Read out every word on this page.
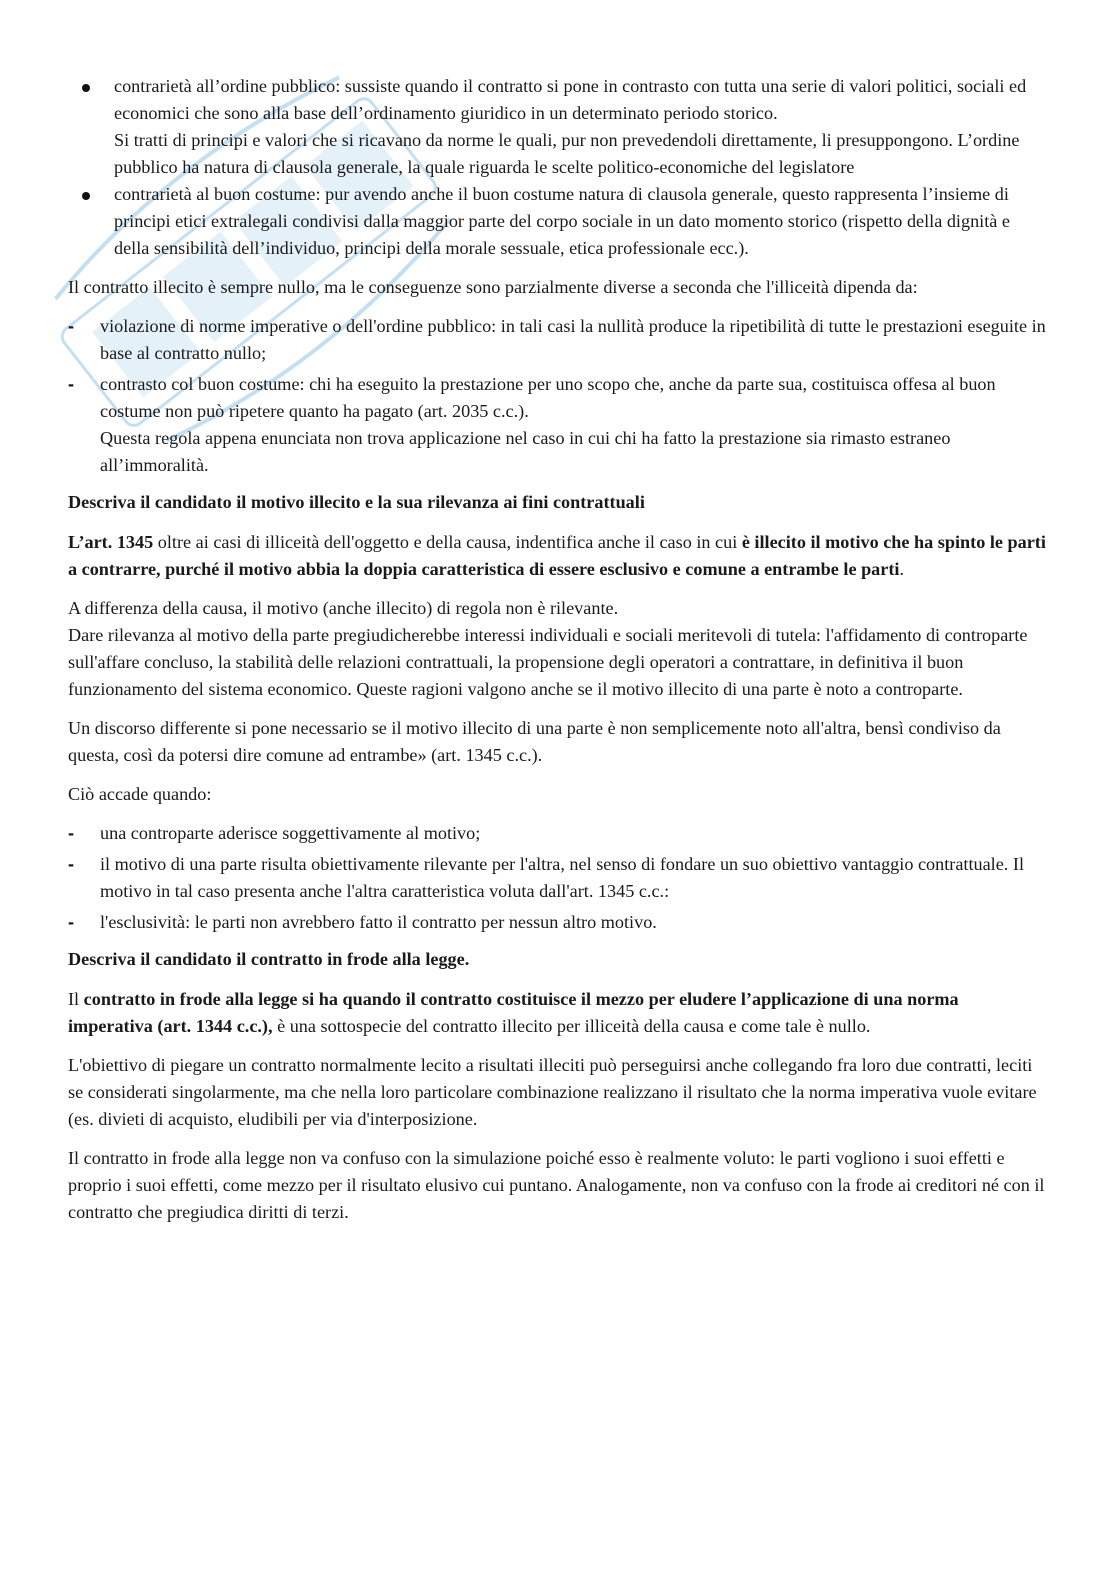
contrarietà all’ordine pubblico: sussiste quando il contratto si pone in contrasto con tutta una serie di valori politici, sociali ed economici che sono alla base dell’ordinamento giuridico in un determinato periodo storico.
Si tratti di principi e valori che si ricavano da norme le quali, pur non prevedendoli direttamente, li presuppongono. L’ordine pubblico ha natura di clausola generale, la quale riguarda le scelte politico-economiche del legislatore
contrarietà al buon costume: pur avendo anche il buon costume natura di clausola generale, questo rappresenta l’insieme di principi etici extralegali condivisi dalla maggior parte del corpo sociale in un dato momento storico (rispetto della dignità e della sensibilità dell’individuo, principi della morale sessuale, etica professionale ecc.).

Il contratto illecito è sempre nullo, ma le conseguenze sono parzialmente diverse a seconda che l'illiceità dipenda da:

- violazione di norme imperative o dell'ordine pubblico: in tali casi la nullità produce la ripetibilità di tutte le prestazioni eseguite in base al contratto nullo;
- contrasto col buon costume: chi ha eseguito la prestazione per uno scopo che, anche da parte sua, costituisca offesa al buon costume non può ripetere quanto ha pagato (art. 2035 c.c.).
Questa regola appena enunciata non trova applicazione nel caso in cui chi ha fatto la prestazione sia rimasto estraneo all’immoralità.
Descriva il candidato il motivo illecito e la sua rilevanza ai fini contrattuali

L’art. 1345 oltre ai casi di illiceità dell'oggetto e della causa, indentifica anche il caso in cui è illecito il motivo che ha spinto le parti a contrarre, purché il motivo abbia la doppia caratteristica di essere esclusivo e comune a entrambe le parti.

A differenza della causa, il motivo (anche illecito) di regola non è rilevante.
Dare rilevanza al motivo della parte pregiudicherebbe interessi individuali e sociali meritevoli di tutela: l'affidamento di controparte sull'affare concluso, la stabilità delle relazioni contrattuali, la propensione degli operatori a contrattare, in definitiva il buon funzionamento del sistema economico. Queste ragioni valgono anche se il motivo illecito di una parte è noto a controparte.

Un discorso differente si pone necessario se il motivo illecito di una parte è non semplicemente noto all'altra, bensì condiviso da questa, così da potersi dire comune ad entrambe» (art. 1345 c.c.).

Ciò accade quando:

- una controparte aderisce soggettivamente al motivo;
- il motivo di una parte risulta obiettivamente rilevante per l'altra, nel senso di fondare un suo obiettivo vantaggio contrattuale. Il motivo in tal caso presenta anche l'altra caratteristica voluta dall'art. 1345 c.c.:
- l'esclusività: le parti non avrebbero fatto il contratto per nessun altro motivo.
Descriva il candidato il contratto in frode alla legge.

Il contratto in frode alla legge si ha quando il contratto costituisce il mezzo per eludere l’applicazione di una norma imperativa (art. 1344 c.c.), è una sottospecie del contratto illecito per illiceità della causa e come tale è nullo.

L'obiettivo di piegare un contratto normalmente lecito a risultati illeciti può perseguirsi anche collegando fra loro due contratti, leciti se considerati singolarmente, ma che nella loro particolare combinazione realizzano il risultato che la norma imperativa vuole evitare (es. divieti di acquisto, eludibili per via d'interposizione.

Il contratto in frode alla legge non va confuso con la simulazione poiché esso è realmente voluto: le parti vogliono i suoi effetti e proprio i suoi effetti, come mezzo per il risultato elusivo cui puntano. Analogamente, non va confuso con la frode ai creditori né con il contratto che pregiudica diritti di terzi.
